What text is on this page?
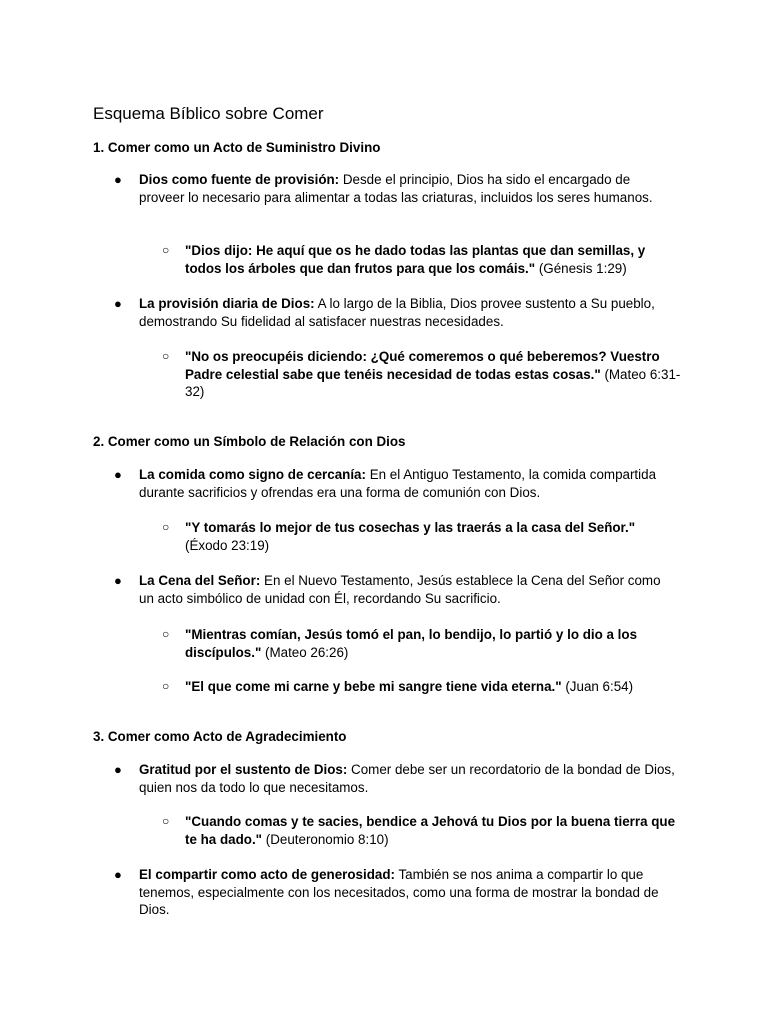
Esquema Bíblico sobre Comer
1. Comer como un Acto de Suministro Divino
● Dios como fuente de provisión: Desde el principio, Dios ha sido el encargado de proveer lo necesario para alimentar a todas las criaturas, incluidos los seres humanos.
○ "Dios dijo: He aquí que os he dado todas las plantas que dan semillas, y todos los árboles que dan frutos para que los comáis." (Génesis 1:29)
● La provisión diaria de Dios: A lo largo de la Biblia, Dios provee sustento a Su pueblo, demostrando Su fidelidad al satisfacer nuestras necesidades.
○ "No os preocupéis diciendo: ¿Qué comeremos o qué beberemos? Vuestro Padre celestial sabe que tenéis necesidad de todas estas cosas." (Mateo 6:31-32)
2. Comer como un Símbolo de Relación con Dios
● La comida como signo de cercanía: En el Antiguo Testamento, la comida compartida durante sacrificios y ofrendas era una forma de comunión con Dios.
○ "Y tomarás lo mejor de tus cosechas y las traerás a la casa del Señor." (Éxodo 23:19)
● La Cena del Señor: En el Nuevo Testamento, Jesús establece la Cena del Señor como un acto simbólico de unidad con Él, recordando Su sacrificio.
○ "Mientras comían, Jesús tomó el pan, lo bendijo, lo partió y lo dio a los discípulos." (Mateo 26:26)
○ "El que come mi carne y bebe mi sangre tiene vida eterna." (Juan 6:54)
3. Comer como Acto de Agradecimiento
● Gratitud por el sustento de Dios: Comer debe ser un recordatorio de la bondad de Dios, quien nos da todo lo que necesitamos.
○ "Cuando comas y te sacies, bendice a Jehová tu Dios por la buena tierra que te ha dado." (Deuteronomio 8:10)
● El compartir como acto de generosidad: También se nos anima a compartir lo que tenemos, especialmente con los necesitados, como una forma de mostrar la bondad de Dios.
